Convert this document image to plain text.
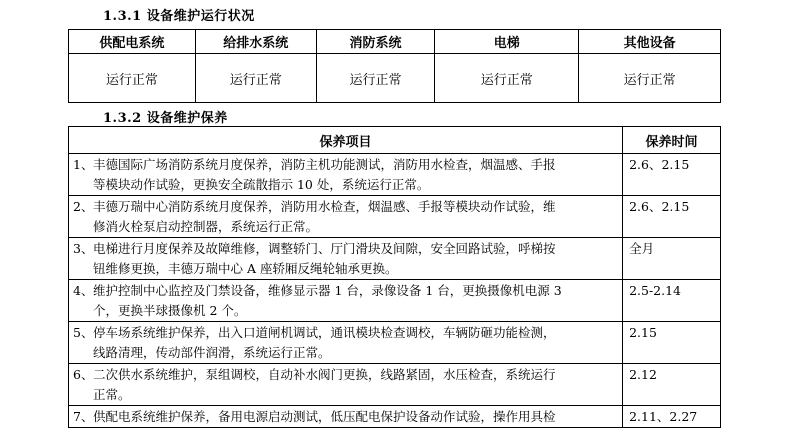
1.3.1 设备维护运行状况
供配电系统	给排水系统	消防系统	电梯	其他设备
运行正常	运行正常	运行正常	运行正常	运行正常
1.3.2 设备维护保养
保养项目	保养时间

1、丰德国际广场消防系统月度保养，消防主机功能测试，消防用水检查，烟温感、手报
等模块动作试验，更换安全疏散指示 10 处，系统运行正常。	2.6、2.15

2、丰德万瑞中心消防系统月度保养，消防用水检查，烟温感、手报等模块动作试验，维
修消火栓泵启动控制器，系统运行正常。	2.6、2.15

3、电梯进行月度保养及故障维修，调整轿门、厅门滑块及间隙，安全回路试验，呼梯按
钮维修更换，丰德万瑞中心 A 座轿厢反绳轮轴承更换。	全月

4、维护控制中心监控及门禁设备，维修显示器 1 台，录像设备 1 台，更换摄像机电源 3
个，更换半球摄像机 2 个。	2.5-2.14

5、停车场系统维护保养，出入口道闸机调试，通讯模块检查调校，车辆防砸功能检测，
线路清理，传动部件润滑，系统运行正常。	2.15

6、二次供水系统维护，泵组调校，自动补水阀门更换，线路紧固，水压检查，系统运行
正常。	2.12

7、供配电系统维护保养，备用电源启动测试，低压配电保护设备动作试验，操作用具检	2.11、2.27
